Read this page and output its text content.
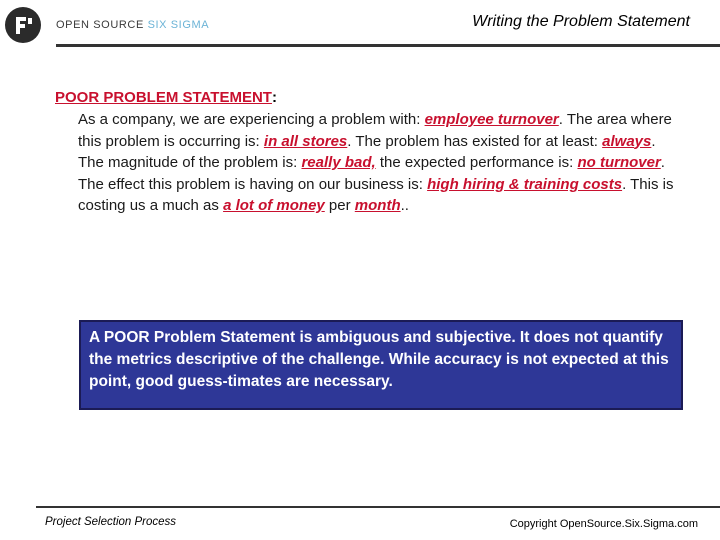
OPEN SOURCE SIX SIGMA	Writing the Problem Statement

POOR PROBLEM STATEMENT:

As a company, we are experiencing a problem with: employee turnover. The area where this problem is occurring is: in all stores. The problem has existed for at least: always. The magnitude of the problem is: really bad, the expected performance is: no turnover. The effect this problem is having on our business is: high hiring & training costs. This is costing us a much as a lot of money per month..

A POOR Problem Statement is ambiguous and subjective. It does not quantify the metrics descriptive of the challenge. While accuracy is not expected at this point, good guess-timates are necessary.
Project Selection Process	Copyright OpenSource.Six.Sigma.com
